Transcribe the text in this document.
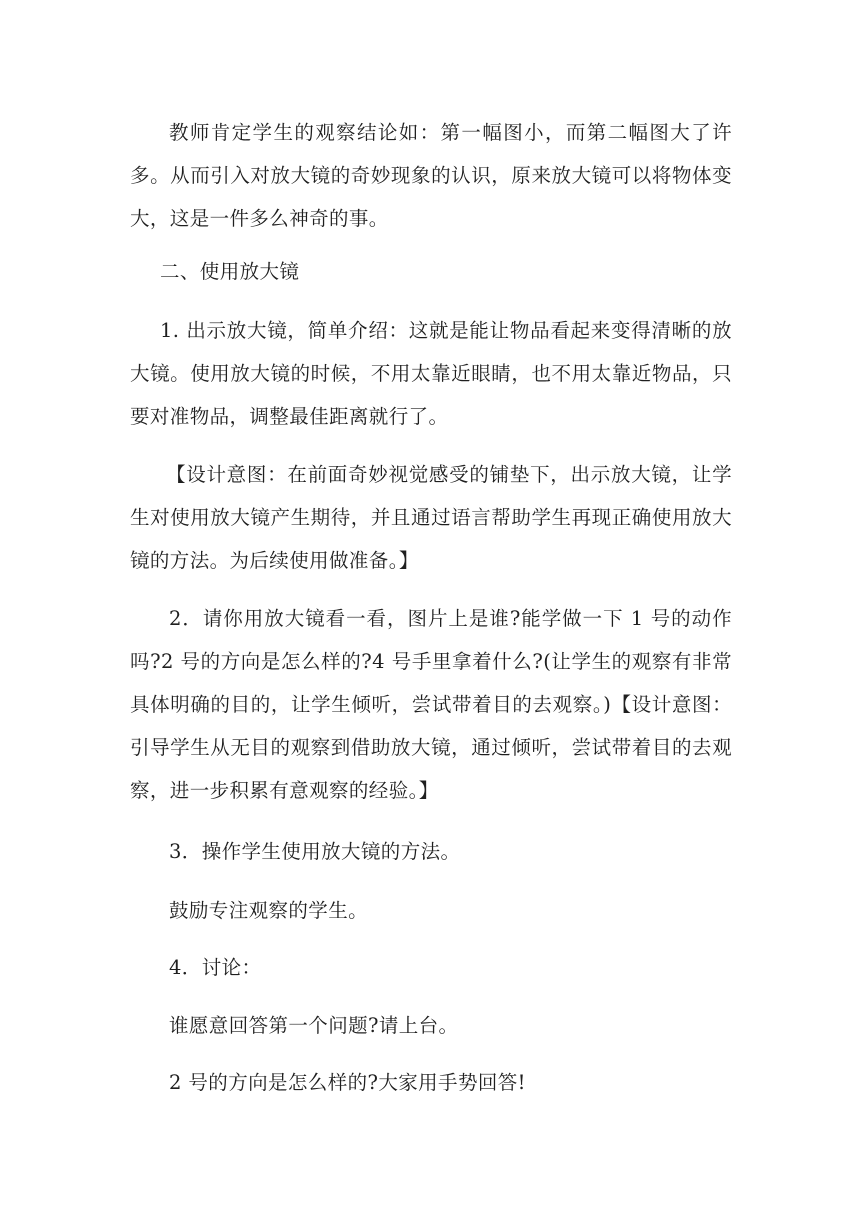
教师肯定学生的观察结论如：第一幅图小，而第二幅图大了许多。从而引入对放大镜的奇妙现象的认识，原来放大镜可以将物体变大，这是一件多么神奇的事。

二、使用放大镜

1. 出示放大镜，简单介绍：这就是能让物品看起来变得清晰的放大镜。使用放大镜的时候，不用太靠近眼睛，也不用太靠近物品，只要对准物品，调整最佳距离就行了。

【设计意图：在前面奇妙视觉感受的铺垫下，出示放大镜，让学生对使用放大镜产生期待，并且通过语言帮助学生再现正确使用放大镜的方法。为后续使用做准备。】

2．请你用放大镜看一看，图片上是谁?能学做一下 1 号的动作吗?2 号的方向是怎么样的?4 号手里拿着什么?(让学生的观察有非常具体明确的目的，让学生倾听，尝试带着目的去观察。)【设计意图：引导学生从无目的观察到借助放大镜，通过倾听，尝试带着目的去观察，进一步积累有意观察的经验。】

3．操作学生使用放大镜的方法。

鼓励专注观察的学生。

4．讨论：

谁愿意回答第一个问题?请上台。

2 号的方向是怎么样的?大家用手势回答!
